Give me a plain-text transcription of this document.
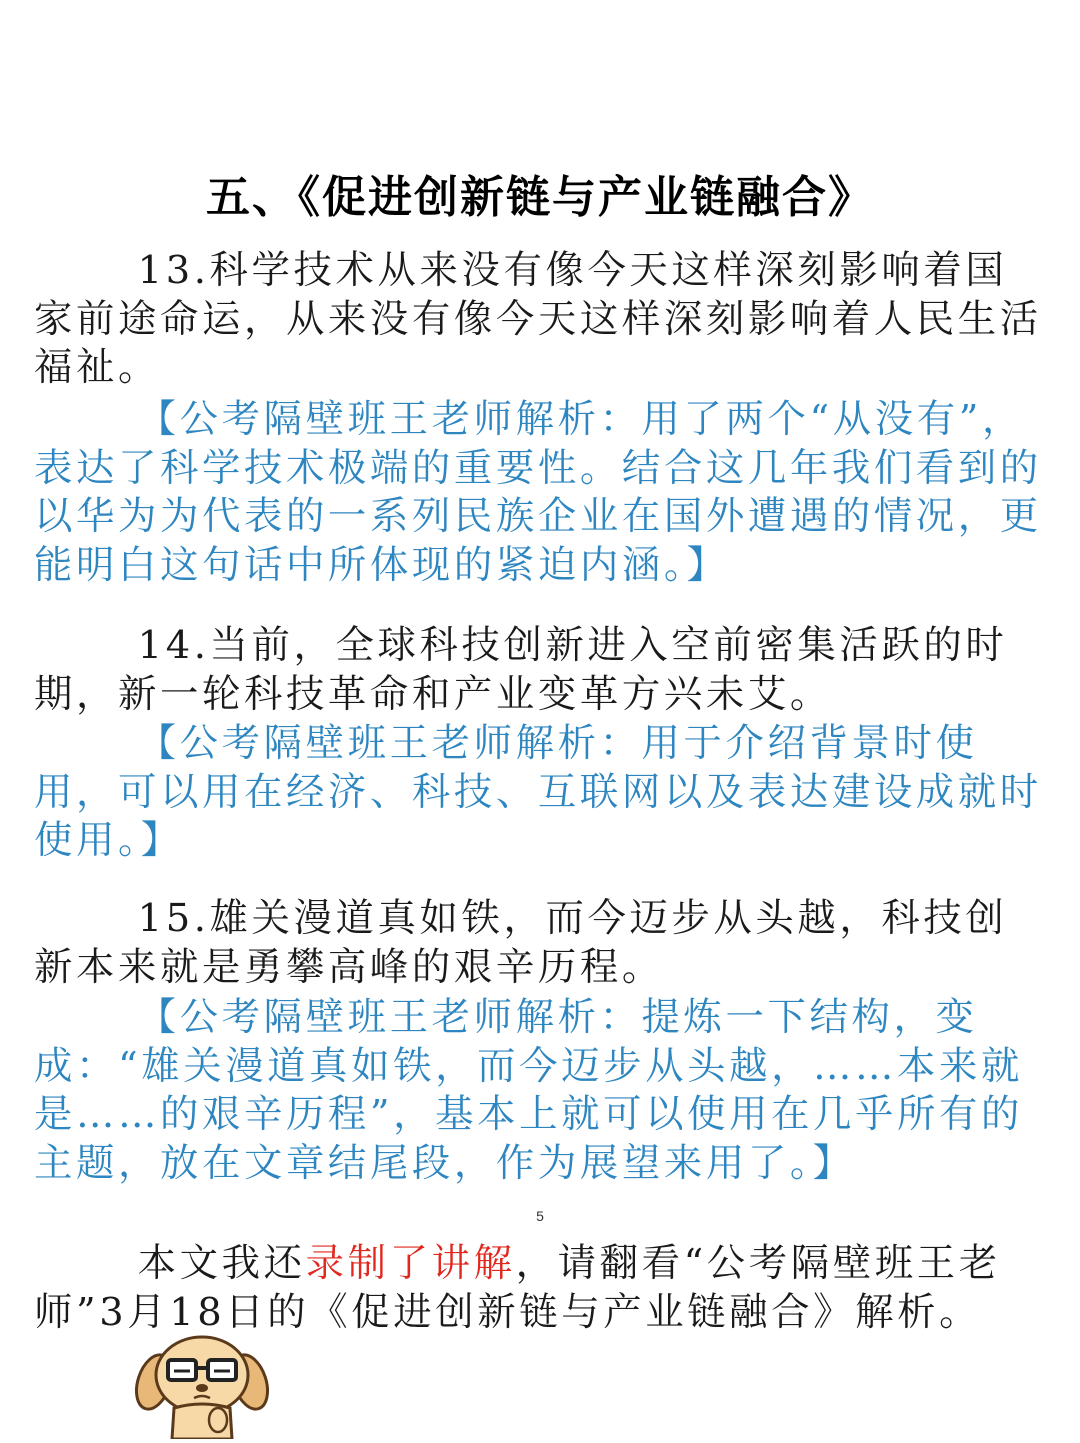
五、《促进创新链与产业链融合》

13.科学技术从来没有像今天这样深刻影响着国家前途命运，从来没有像今天这样深刻影响着人民生活福祉。

【公考隔壁班王老师解析：用了两个“从没有”，表达了科学技术极端的重要性。结合这几年我们看到的以华为为代表的一系列民族企业在国外遭遇的情况，更能明白这句话中所体现的紧迫内涵。】

14.当前，全球科技创新进入空前密集活跃的时期，新一轮科技革命和产业变革方兴未艾。

【公考隔壁班王老师解析：用于介绍背景时使用，可以用在经济、科技、互联网以及表达建设成就时使用。】

15.雄关漫道真如铁，而今迈步从头越，科技创新本来就是勇攀高峰的艰辛历程。

【公考隔壁班王老师解析：提炼一下结构，变成：“雄关漫道真如铁，而今迈步从头越，……本来就是……的艰辛历程”，基本上就可以使用在几乎所有的主题，放在文章结尾段，作为展望来用了。】

本文我还录制了讲解，请翻看“公考隔壁班王老师”3月18日的《促进创新链与产业链融合》解析。

5
